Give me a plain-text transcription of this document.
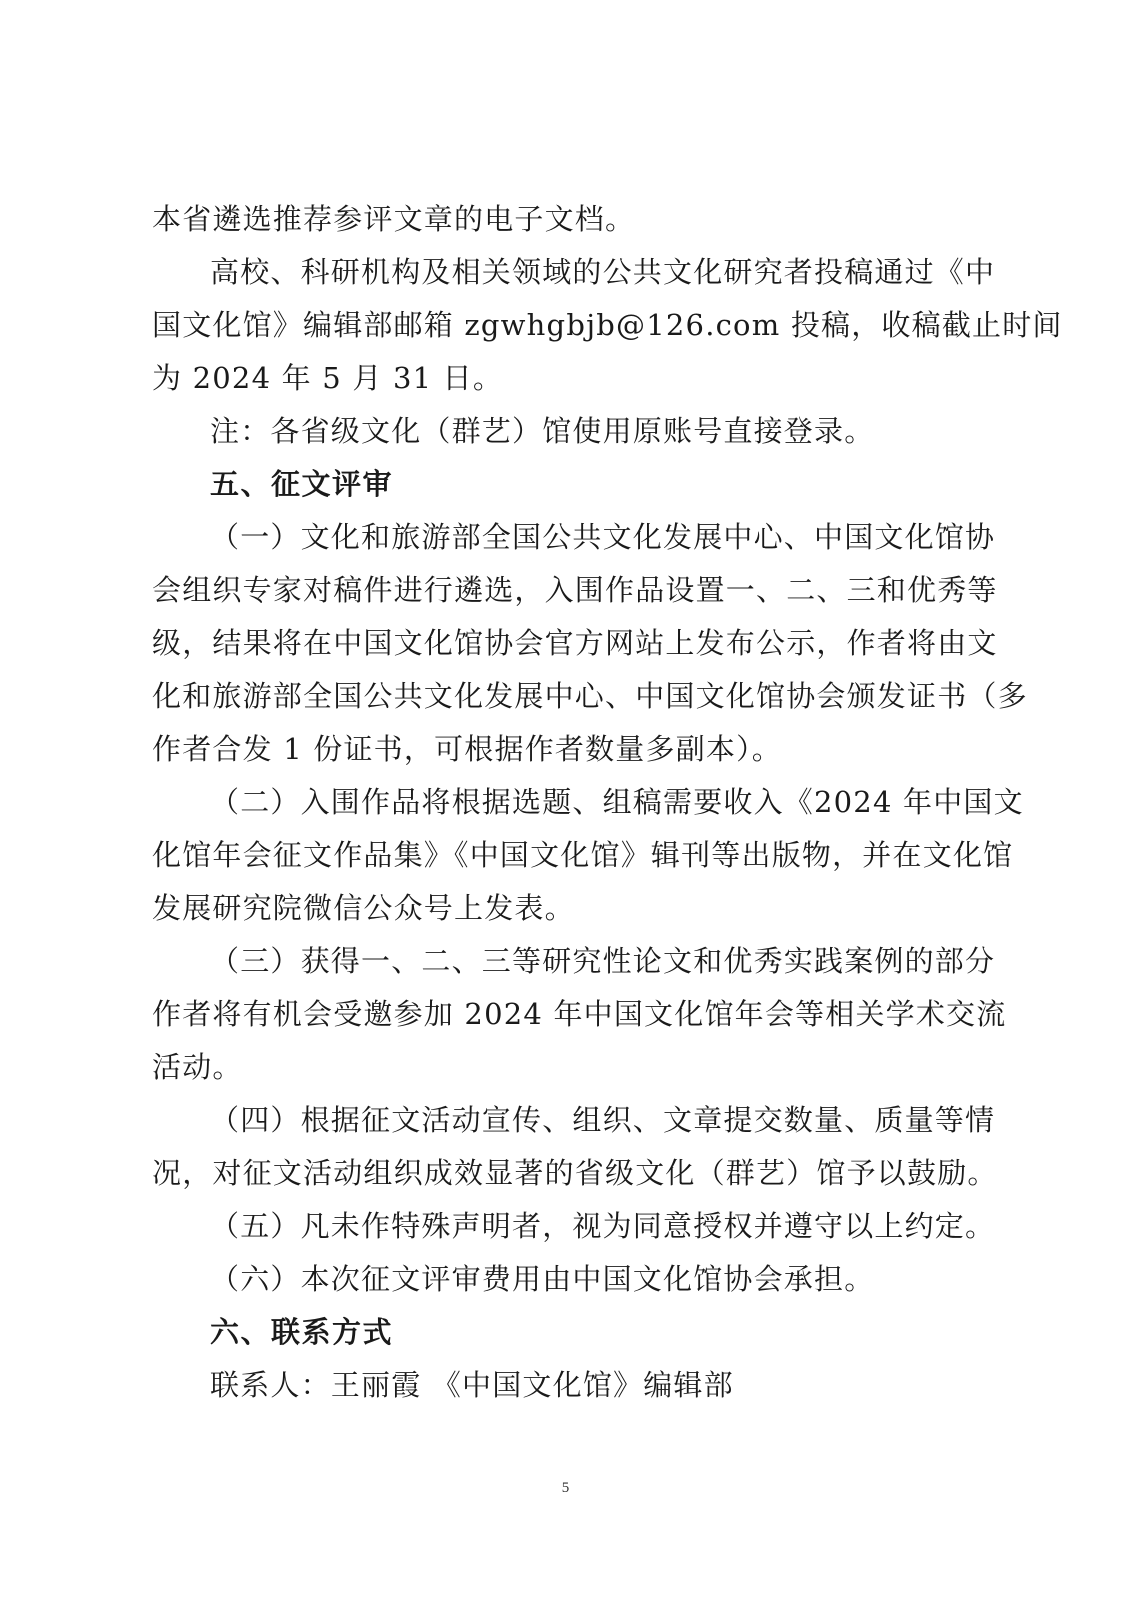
本省遴选推荐参评文章的电子文档。
高校、科研机构及相关领域的公共文化研究者投稿通过《中
国文化馆》编辑部邮箱 zgwhgbjb@126.com 投稿，收稿截止时间
为 2024 年 5 月 31 日。
注：各省级文化（群艺）馆使用原账号直接登录。
五、征文评审
（一）文化和旅游部全国公共文化发展中心、中国文化馆协
会组织专家对稿件进行遴选，入围作品设置一、二、三和优秀等
级，结果将在中国文化馆协会官方网站上发布公示，作者将由文
化和旅游部全国公共文化发展中心、中国文化馆协会颁发证书（多
作者合发 1 份证书，可根据作者数量多副本）。
（二）入围作品将根据选题、组稿需要收入《2024 年中国文
化馆年会征文作品集》《中国文化馆》辑刊等出版物，并在文化馆
发展研究院微信公众号上发表。
（三）获得一、二、三等研究性论文和优秀实践案例的部分
作者将有机会受邀参加 2024 年中国文化馆年会等相关学术交流
活动。
（四）根据征文活动宣传、组织、文章提交数量、质量等情
况，对征文活动组织成效显著的省级文化（群艺）馆予以鼓励。
（五）凡未作特殊声明者，视为同意授权并遵守以上约定。
（六）本次征文评审费用由中国文化馆协会承担。
六、联系方式
联系人：王丽霞 《中国文化馆》编辑部
5
